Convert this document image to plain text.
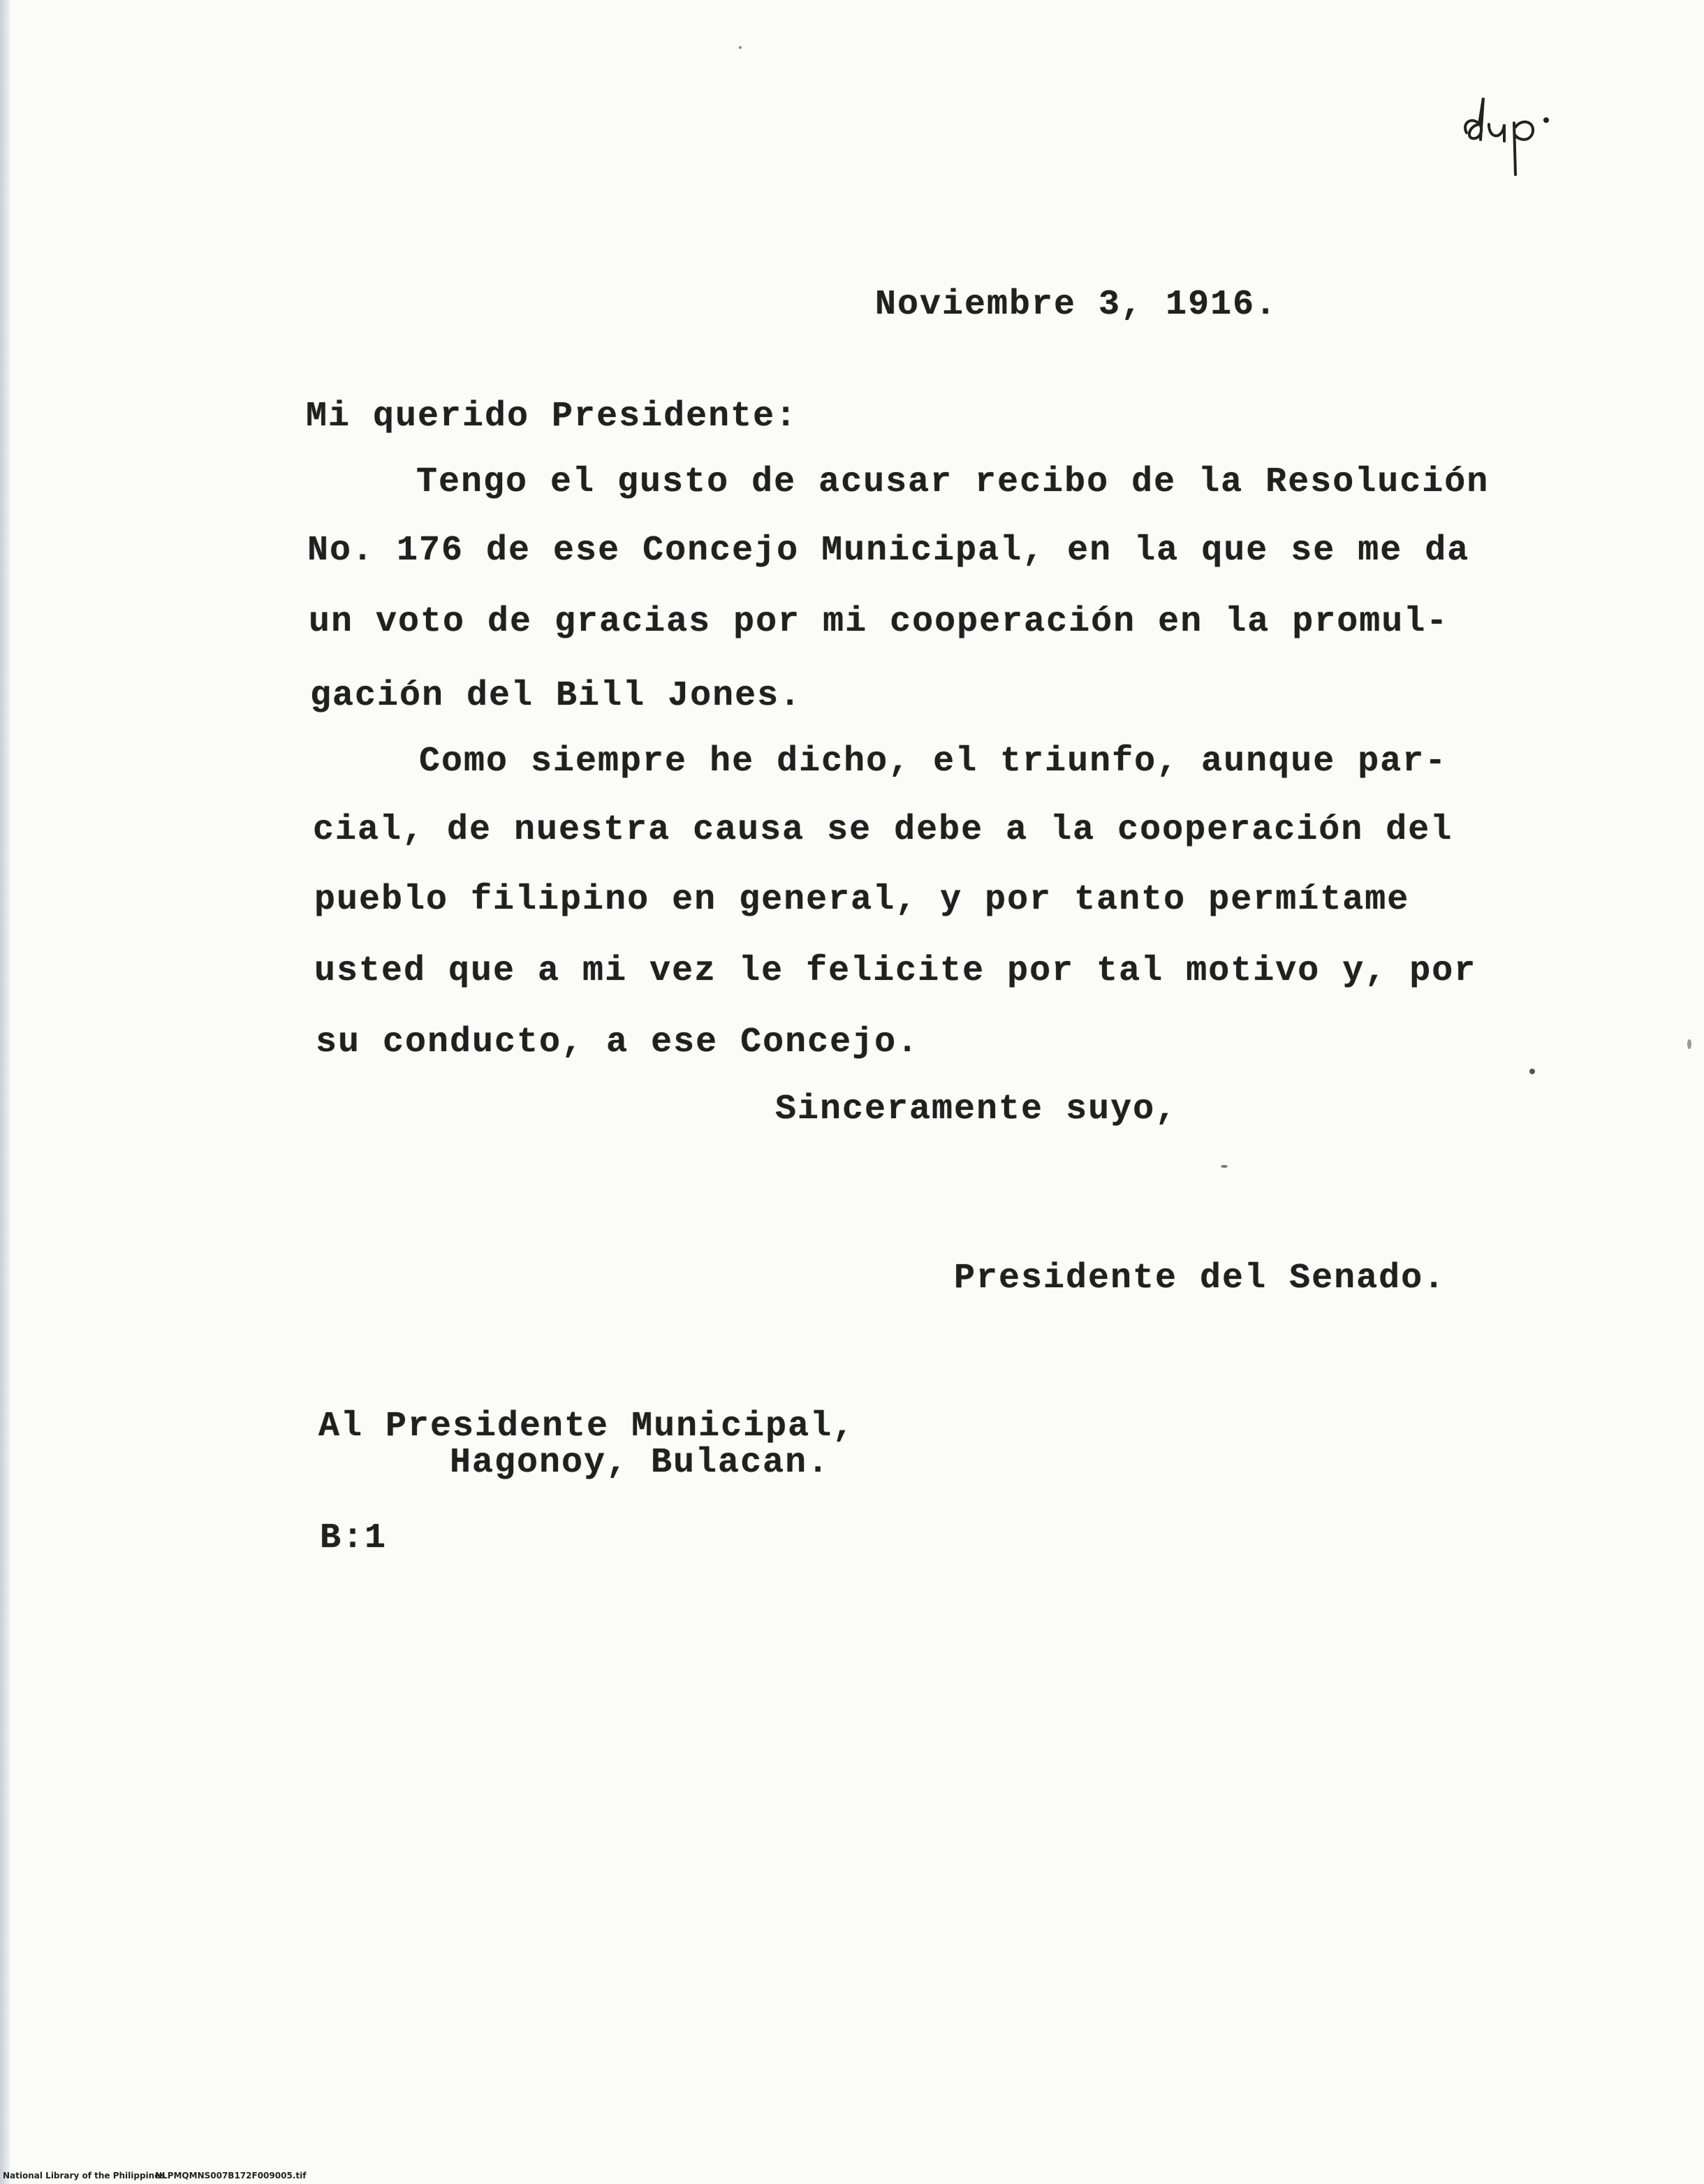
Noviembre 3, 1916.
Mi querido Presidente:
Tengo el gusto de acusar recibo de la Resolución
No. 176 de ese Concejo Municipal, en la que se me da
un voto de gracias por mi cooperación en la promul-
gación del Bill Jones.
Como siempre he dicho, el triunfo, aunque par-
cial, de nuestra causa se debe a la cooperación del
pueblo filipino en general, y por tanto permítame
usted que a mi vez le felicite por tal motivo y, por
su conducto, a ese Concejo.
Sinceramente suyo,
Presidente del Senado.
Al Presidente Municipal,
Hagonoy, Bulacan.
B:1
National Library of the Philippines
NLPMQMNS007B172F009005.tif
